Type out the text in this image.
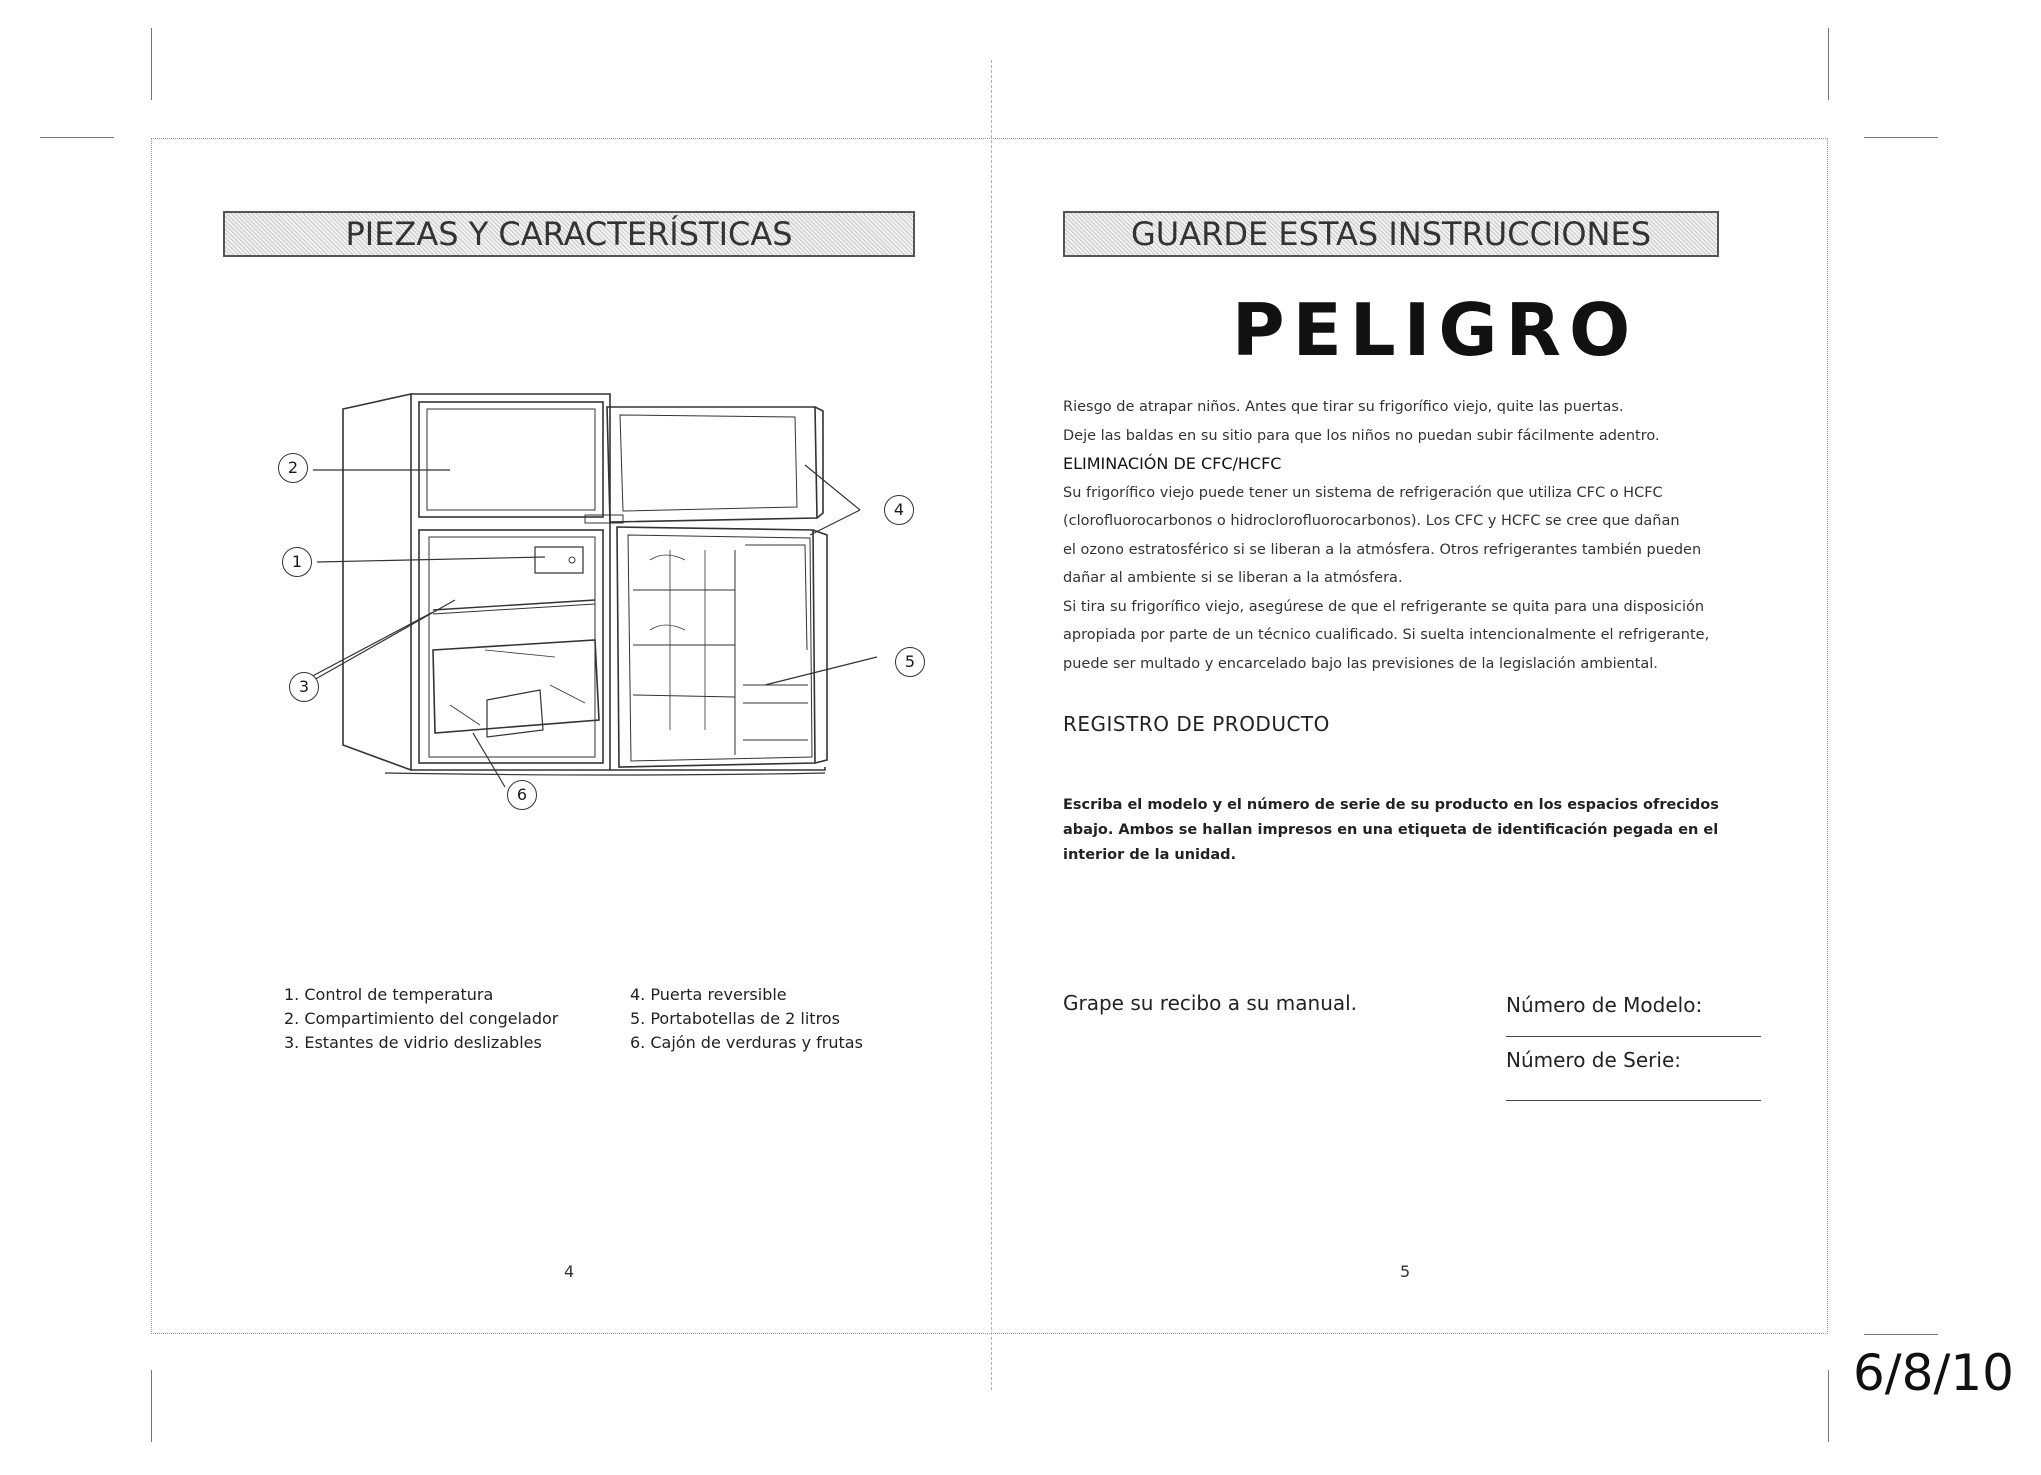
PIEZAS Y CARACTERÍSTICAS
2
1
3
4
5
6
1. Control de temperatura
2. Compartimiento del congelador
3. Estantes de vidrio deslizables
4. Puerta reversible
5. Portabotellas de 2 litros
6. Cajón de verduras y frutas
4
GUARDE ESTAS INSTRUCCIONES
PELIGRO
Riesgo de atrapar niños. Antes que tirar su frigorífico viejo, quite las puertas.
Deje las baldas en su sitio para que los niños no puedan subir fácilmente adentro.
ELIMINACIÓN DE CFC/HCFC
Su frigorífico viejo puede tener un sistema de refrigeración que utiliza CFC o HCFC
(clorofluorocarbonos o hidroclorofluorocarbonos). Los CFC y HCFC se cree que dañan
el ozono estratosférico si se liberan a la atmósfera. Otros refrigerantes también pueden
dañar al ambiente si se liberan a la atmósfera.
Si tira su frigorífico viejo, asegúrese de que el refrigerante se quita para una disposición
apropiada por parte de un técnico cualificado. Si suelta intencionalmente el refrigerante,
puede ser multado y encarcelado bajo las previsiones de la legislación ambiental.
REGISTRO DE PRODUCTO
Escriba el modelo y el número de serie de su producto en los espacios ofrecidos
abajo. Ambos se hallan impresos en una etiqueta de identificación pegada en el
interior de la unidad.
Grape su recibo a su manual.	Número de Modelo:
Número de Serie:
5
6/8/10
